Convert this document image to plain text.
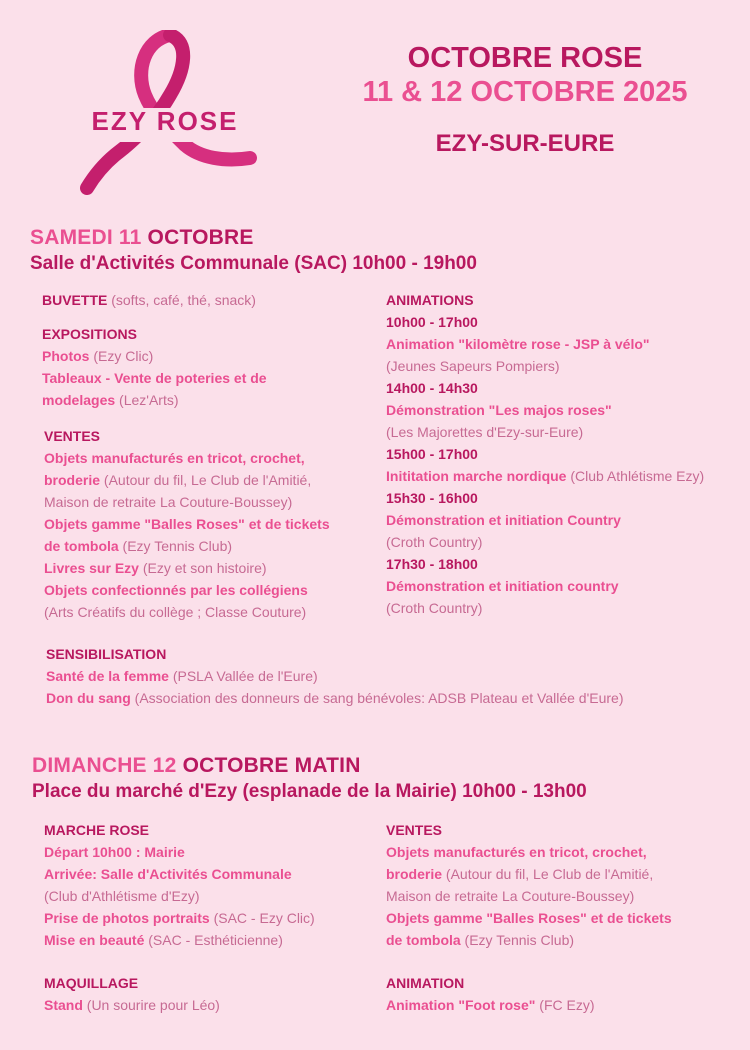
EZY ROSE
OCTOBRE ROSE
11 & 12 OCTOBRE 2025
EZY-SUR-EURE
SAMEDI 11 OCTOBRE
Salle d'Activités Communale (SAC) 10h00 - 19h00
BUVETTE (softs, café, thé, snack)
EXPOSITIONS
Photos (Ezy Clic)
Tableaux - Vente de poteries et de
modelages (Lez'Arts)
VENTES
Objets manufacturés en tricot, crochet,
broderie (Autour du fil, Le Club de l'Amitié,
Maison de retraite La Couture-Boussey)
Objets gamme "Balles Roses" et de tickets
de tombola (Ezy Tennis Club)
Livres sur Ezy (Ezy et son histoire)
Objets confectionnés par les collégiens
(Arts Créatifs du collège ; Classe Couture)
ANIMATIONS
10h00 - 17h00
Animation "kilomètre rose - JSP à vélo"
(Jeunes Sapeurs Pompiers)
14h00 - 14h30
Démonstration "Les majos roses"
(Les Majorettes d'Ezy-sur-Eure)
15h00 - 17h00
Inititation marche nordique (Club Athlétisme Ezy)
15h30 - 16h00
Démonstration et initiation Country
(Croth Country)
17h30 - 18h00
Démonstration et initiation country
(Croth Country)
SENSIBILISATION
Santé de la femme (PSLA Vallée de l'Eure)
Don du sang (Association des donneurs de sang bénévoles: ADSB Plateau et Vallée d'Eure)
DIMANCHE 12 OCTOBRE MATIN
Place du marché d'Ezy (esplanade de la Mairie) 10h00 - 13h00
MARCHE ROSE
Départ 10h00 : Mairie
Arrivée: Salle d'Activités Communale
(Club d'Athlétisme d'Ezy)
Prise de photos portraits (SAC - Ezy Clic)
Mise en beauté (SAC - Esthéticienne)
MAQUILLAGE
Stand (Un sourire pour Léo)
VENTES
Objets manufacturés en tricot, crochet,
broderie (Autour du fil, Le Club de l'Amitié,
Maison de retraite La Couture-Boussey)
Objets gamme "Balles Roses" et de tickets
de tombola (Ezy Tennis Club)
ANIMATION
Animation "Foot rose" (FC Ezy)
